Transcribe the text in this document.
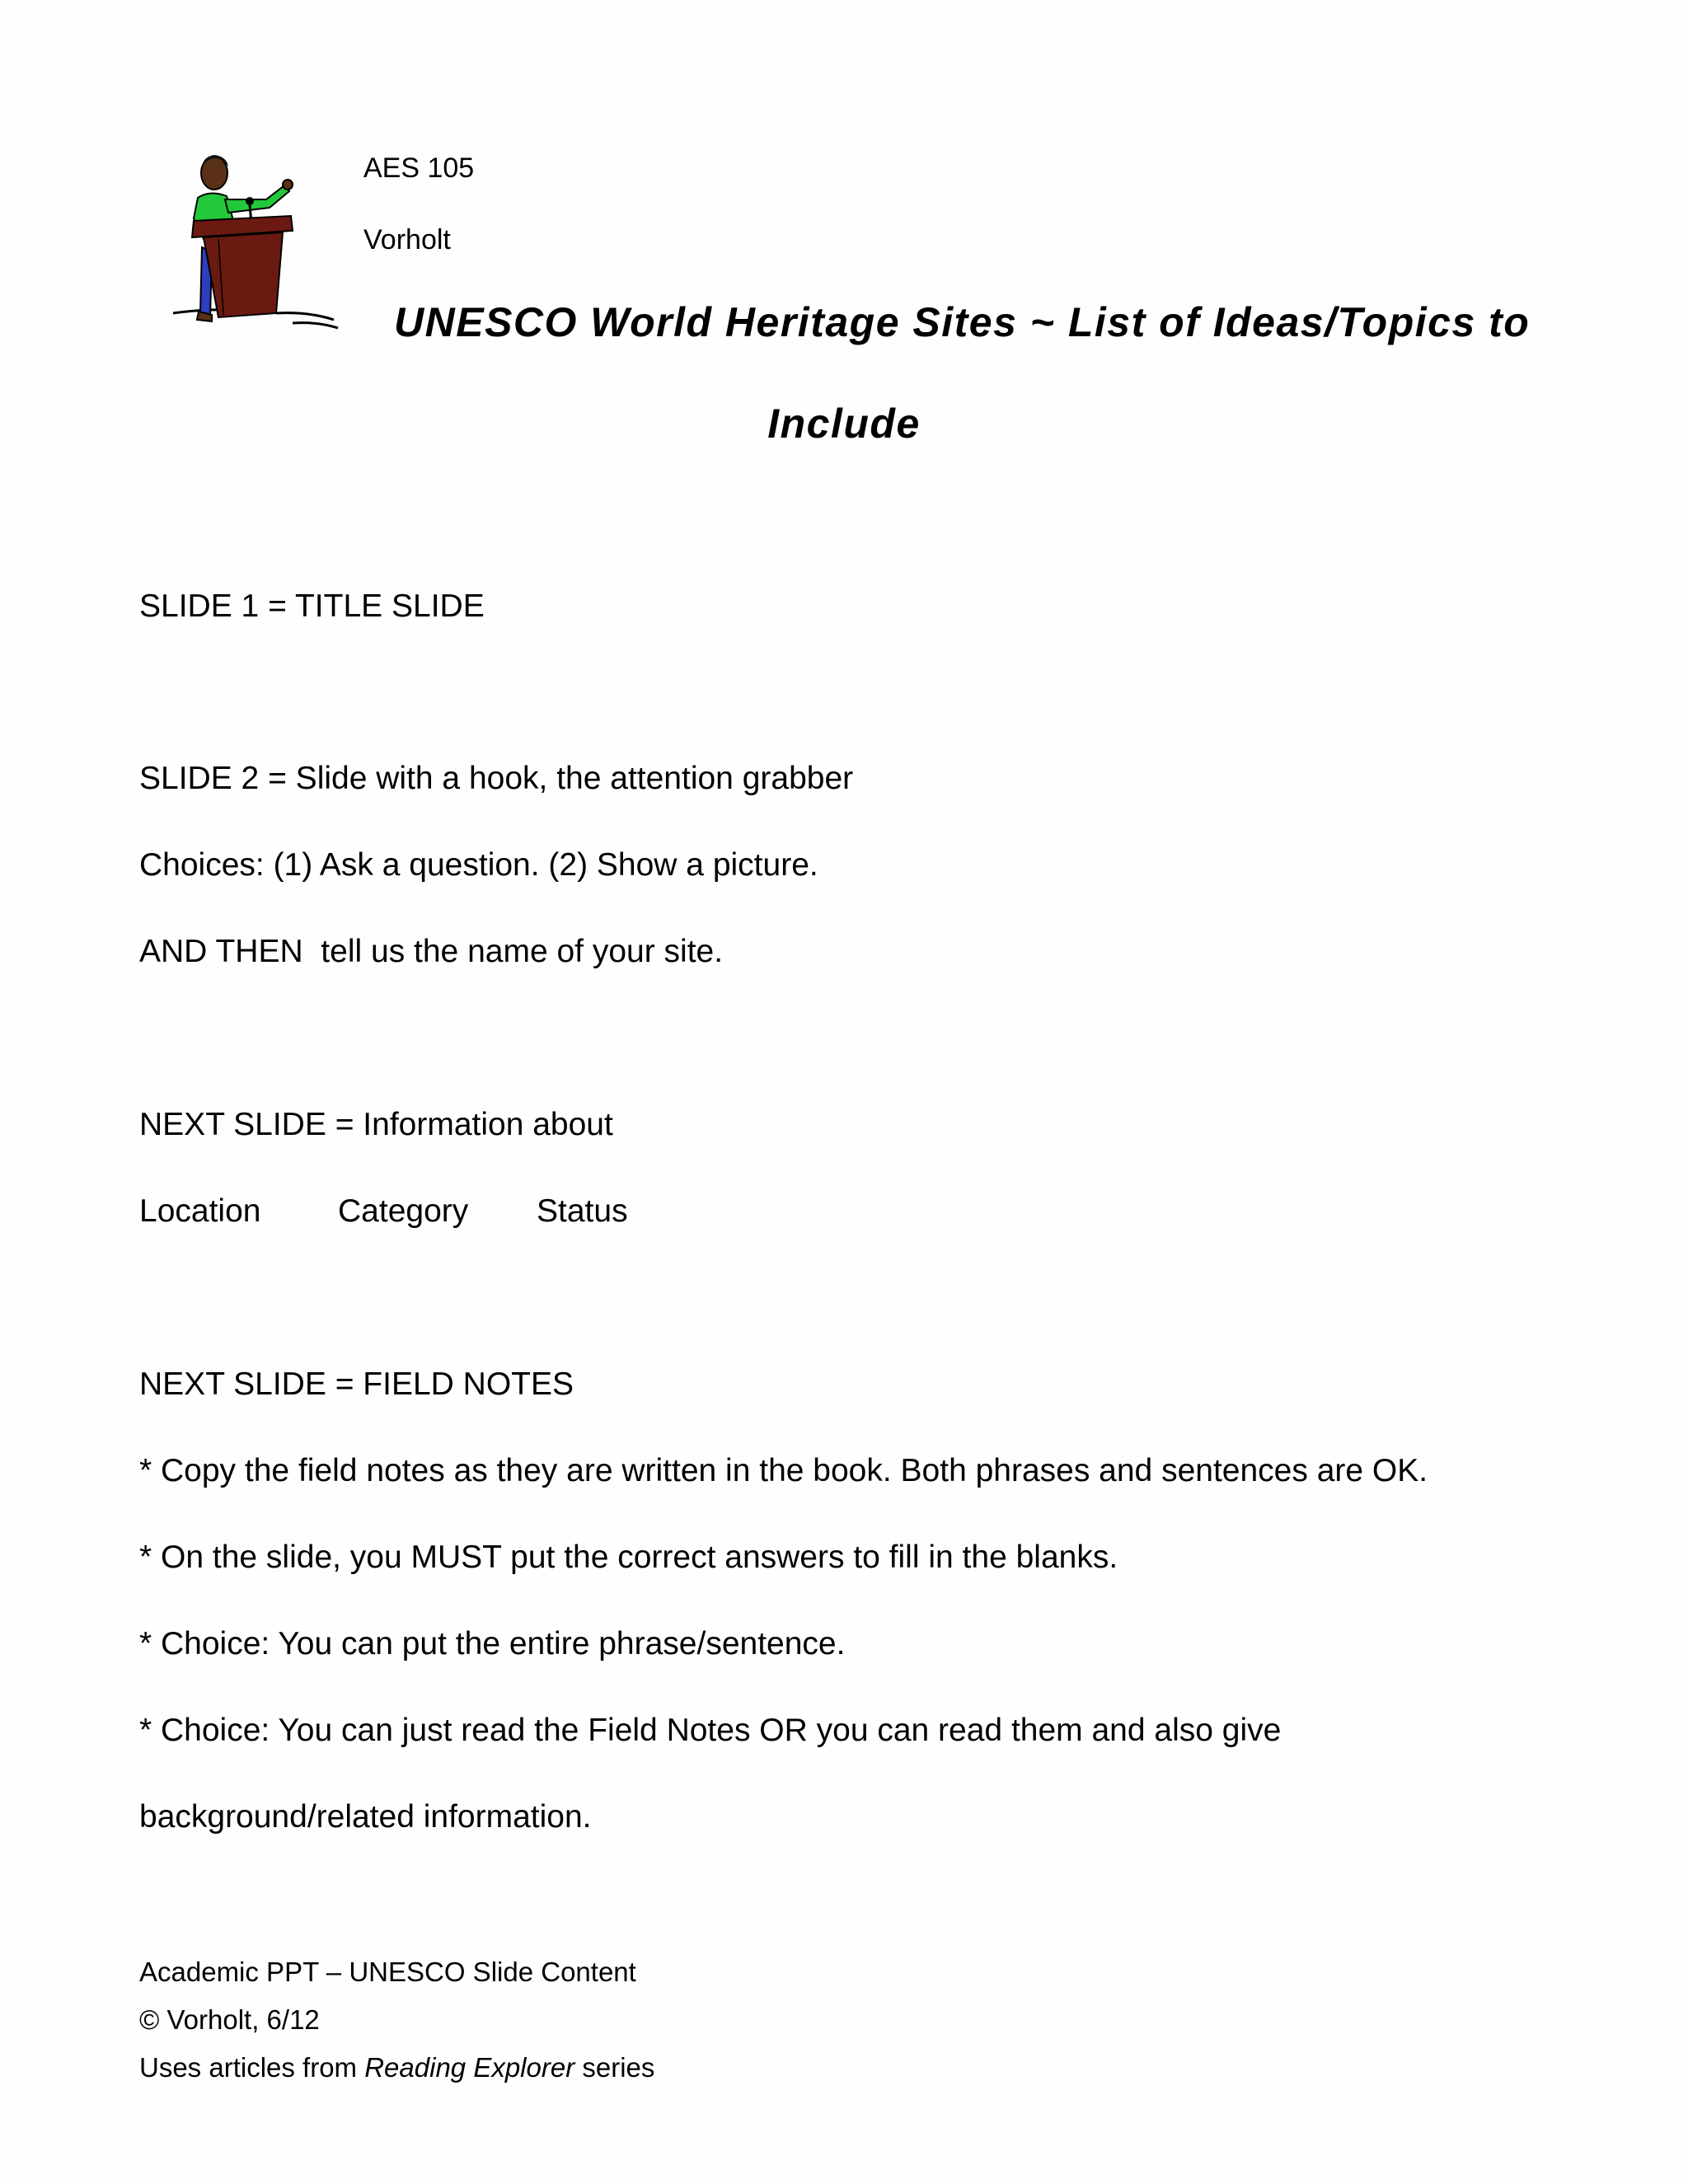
AES 105
Vorholt
UNESCO World Heritage Sites ~ List of Ideas/Topics to
Include
SLIDE 1 = TITLE SLIDE
SLIDE 2 = Slide with a hook, the attention grabber
Choices: (1) Ask a question. (2) Show a picture.
AND THEN  tell us the name of your site.
NEXT SLIDE = Information about
Location Category Status
NEXT SLIDE = FIELD NOTES
* Copy the field notes as they are written in the book. Both phrases and sentences are OK.
* On the slide, you MUST put the correct answers to fill in the blanks.
* Choice: You can put the entire phrase/sentence.
* Choice: You can just read the Field Notes OR you can read them and also give
background/related information.
Academic PPT – UNESCO Slide Content
© Vorholt, 6/12
Uses articles from Reading Explorer series
